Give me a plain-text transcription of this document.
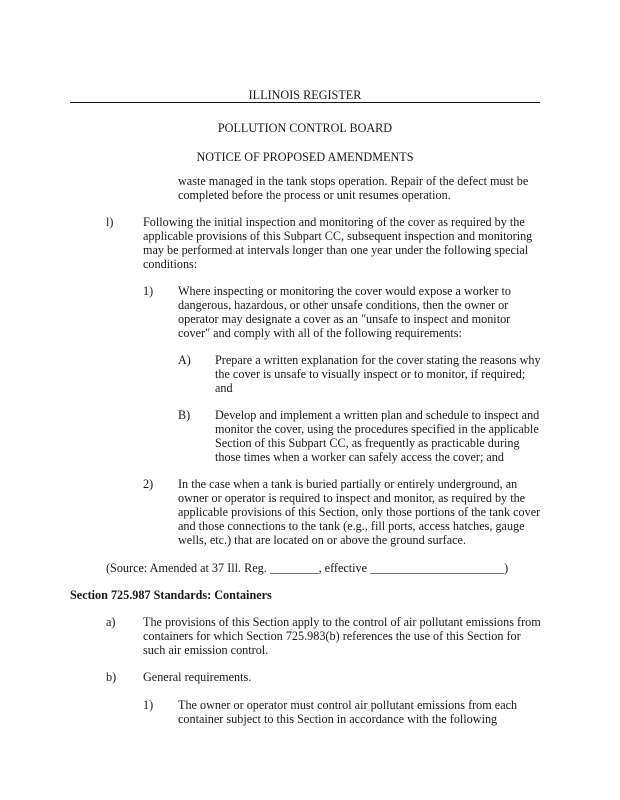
ILLINOIS REGISTER
POLLUTION CONTROL BOARD
NOTICE OF PROPOSED AMENDMENTS
waste managed in the tank stops operation. Repair of the defect must be
completed before the process or unit resumes operation.
l) Following the initial inspection and monitoring of the cover as required by the
applicable provisions of this Subpart CC, subsequent inspection and monitoring
may be performed at intervals longer than one year under the following special
conditions:
1) Where inspecting or monitoring the cover would expose a worker to
dangerous, hazardous, or other unsafe conditions, then the owner or
operator may designate a cover as an "unsafe to inspect and monitor
cover" and comply with all of the following requirements:
A) Prepare a written explanation for the cover stating the reasons why
the cover is unsafe to visually inspect or to monitor, if required;
and
B) Develop and implement a written plan and schedule to inspect and
monitor the cover, using the procedures specified in the applicable
Section of this Subpart CC, as frequently as practicable during
those times when a worker can safely access the cover; and
2) In the case when a tank is buried partially or entirely underground, an
owner or operator is required to inspect and monitor, as required by the
applicable provisions of this Section, only those portions of the tank cover
and those connections to the tank (e.g., fill ports, access hatches, gauge
wells, etc.) that are located on or above the ground surface.
(Source: Amended at 37 Ill. Reg. ________, effective ______________________)
Section 725.987 Standards: Containers
a) The provisions of this Section apply to the control of air pollutant emissions from
containers for which Section 725.983(b) references the use of this Section for
such air emission control.
b) General requirements.
1) The owner or operator must control air pollutant emissions from each
container subject to this Section in accordance with the following
